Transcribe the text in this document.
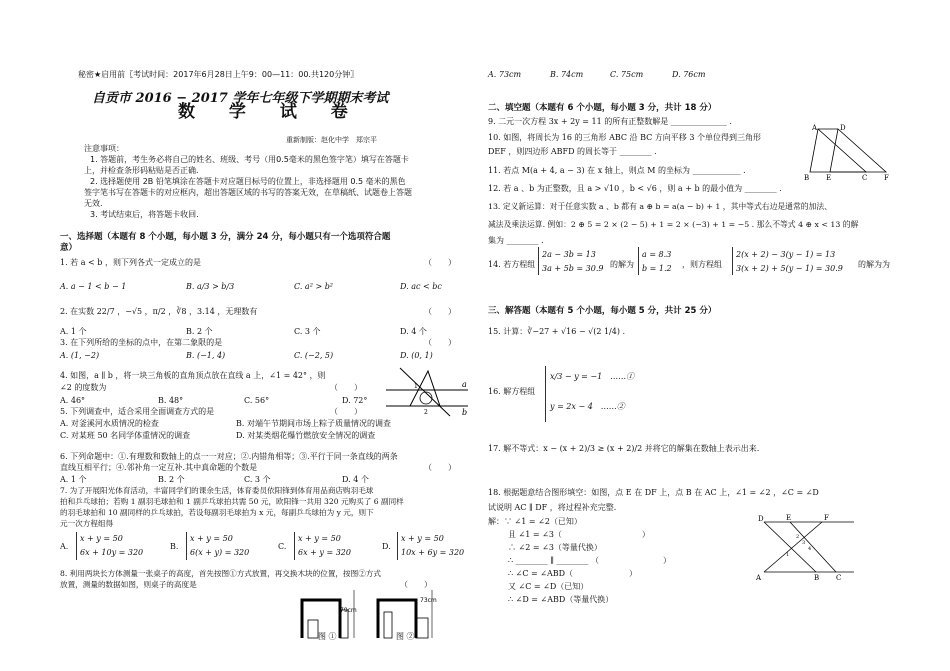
秘密★启用前〖考试时间：2017年6月28日上午9：00—11：00.共120分钟〗
自贡市 2016 − 2017 学年七年级下学期期末考试
数 学 试 卷
重新制版：赵化中学　郑宗平
注意事项：
1. 答题前，考生务必将自己的姓名、班级、考号（用0.5毫米的黑色签字笔）填写在答题卡
上，并检查条形码粘贴是否正确.
2. 选择题使用 2B 铅笔填涂在答题卡对应题目标号的位置上，非选择题用 0.5 毫米的黑色
签字笔书写在答题卡的对应框内，超出答题区域的书写的答案无效，在草稿纸、试题卷上答题
无效.
3. 考试结束后，将答题卡收回.
一、选择题（本题有 8 个小题，每小题 3 分，满分 24 分，每小题只有一个选项符合题
意）
1. 若 a < b ，则下列各式一定成立的是	（　　）
A. a − 1 < b − 1	B. a/3 > b/3	C. a² > b²	D. ac < bc
2. 在实数 22/7 ，−√5 ，π/2 ，∛8 ，3.14 ，无理数有	（　　）
A. 1 个	B. 2 个	C. 3 个	D. 4 个
3. 在下列所给的坐标的点中，在第二象限的是	（　　）
A. (1, −2)	B. (−1, 4)	C. (−2, 5)	D. (0, 1)
4. 如图，a ∥ b ，将一块三角板的直角顶点放在直线 a 上，∠1 = 42° ，则
∠2 的度数为	（　　）
A. 46°	B. 48°	C. 56°	D. 72°
a
b
1
2
5. 下列调查中，适合采用全面调查方式的是	（　　）
A. 对釜溪河水质情况的检查	B. 对端午节期间市场上粽子质量情况的调查
C. 对某班 50 名同学体重情况的调查	D. 对某类烟花爆竹燃放安全情况的调查
6. 下列命题中：①.有理数和数轴上的点一一对应；②.内错角相等；③.平行于同一条直线的两条
直线互相平行；④.邻补角一定互补.其中真命题的个数是	（　　）
A. 1 个	B. 2 个	C. 3 个	D. 4 个
7. 为了开展阳光体育活动，丰富同学们的课余生活，体育委员依阳锋到体育用品商店购羽毛球
拍和乒乓球拍；若购 1 副羽毛球拍和 1 副乒乓球拍共需 50 元，欧阳锋一共用 320 元购买了 6 副同样
的羽毛球拍和 10 副同样的乒乓球拍，若设每副羽毛球拍为 x 元，每副乒乓球拍为 y 元，则下
元一次方程组得
A.
x + y = 50
6x + 10y = 320
B.
x + y = 50
6(x + y) = 320
C.
x + y = 50
6x + y = 320
D.
x + y = 50
10x + 6y = 320
8. 利用两块长方体测量一张桌子的高度，首先按图①方式放置，再交换木块的位置，按图②方式
放置，测量的数据如图，则桌子的高度是	（　　）
79cm
73cm
图 ①	图 ②
A. 73cm	B. 74cm	C. 75cm	D. 76cm
二、填空题（本题有 6 个小题，每小题 3 分，共计 18 分）
9. 二元一次方程 3x + 2y = 11 的所有正整数解是 ______________ .
10. 如图，将周长为 16 的三角形 ABC 沿 BC 方向平移 3 个单位得到三角形
DEF ，则四边形 ABFD 的周长等于 ________ .
A	D
B E	C F
11. 若点 M(a + 4, a − 3) 在 x 轴上，则点 M 的坐标为 ____________ .
12. 若 a 、b 为正整数，且 a > √10 ，b < √6 ，则 a + b 的最小值为 ________ .
13. 定义新运算：对于任意实数 a 、b 都有 a ⊕ b = a(a − b) + 1 ，其中等式右边是通常的加法、
减法及乘法运算. 例如：2 ⊕ 5 = 2 × (2 − 5) + 1 = 2 × (−3) + 1 = −5 . 那么不等式 4 ⊕ x < 13 的解
集为 ________ .
14. 若方程组
2a − 3b = 13
3a + 5b = 30.9 的解为
a = 8.3
b = 1.2 ，则方程组
2(x + 2) − 3(y − 1) = 13
3(x + 2) + 5(y − 1) = 30.9 的解为为
三、解答题（本题有 5 个小题，每小题 5 分，共计 25 分）
15. 计算：∛−27 + √16 − √(2 1/4) .
16. 解方程组
x/3 − y = −1　……①
y = 2x − 4　……②
17. 解不等式：x − (x + 2)/3 ≥ (x + 2)/2 并将它的解集在数轴上表示出来.
18. 根据题意结合图形填空：如图，点 E 在 DF 上，点 B 在 AC 上，∠1 = ∠2 ，∠C = ∠D
试说明 AC ∥ DF ，将过程补充完整.
解：∵ ∠1 = ∠2（已知）
且 ∠1 = ∠3（　　　　　　　　　　）
∴ ∠2 = ∠3（等量代换）
∴ ________ ∥ ________ （　　　　　　　　）
∴ ∠C = ∠ABD（　　　　　　　）
又 ∠C = ∠D（已知）
∴ ∠D = ∠ABD（等量代换）
D	E	F
A	B C
1
2
3
4
